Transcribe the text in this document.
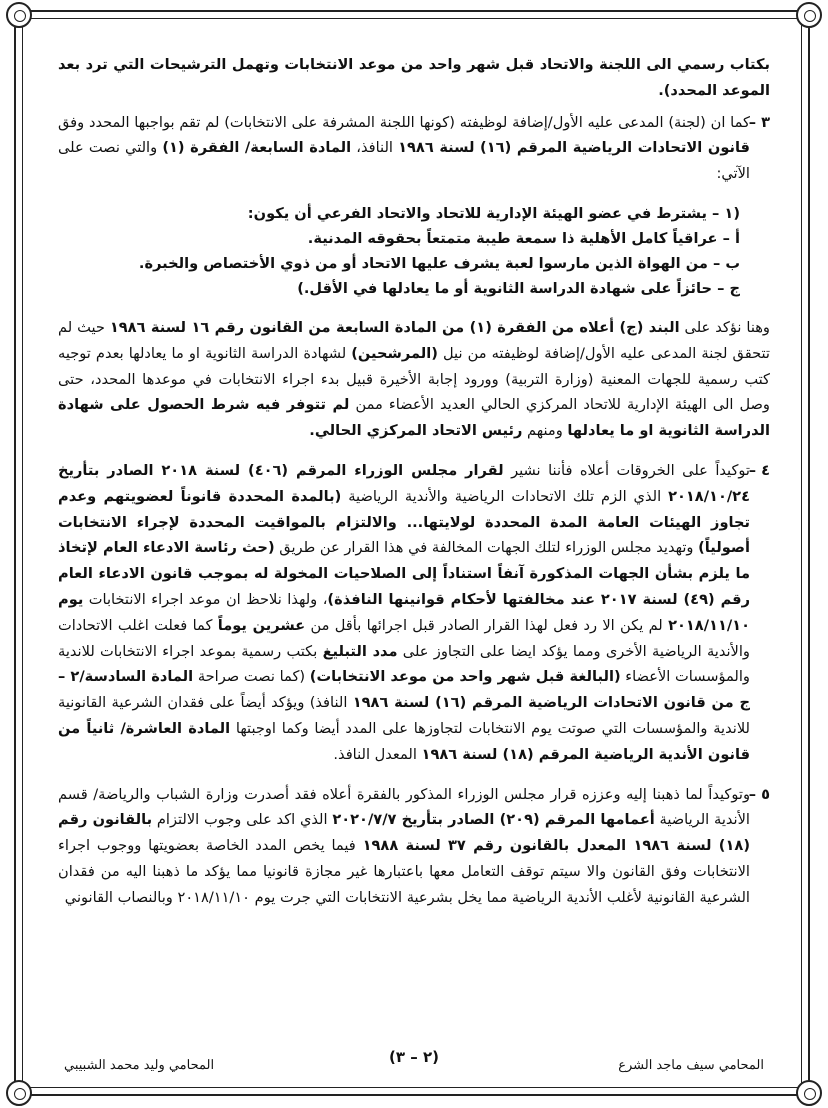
بكتاب رسمي الى اللجنة والاتحاد قبل شهر واحد من موعد الانتخابات وتهمل الترشيحات التي ترد بعد الموعد المحدد).

٣ –

كما ان (لجنة) المدعى عليه الأول/إضافة لوظيفته (كونها اللجنة المشرفة على الانتخابات) لم تقم بواجبها المحدد وفق قانون الاتحادات الرياضية المرقم (١٦) لسنة ١٩٨٦ النافذ، المادة السابعة/ الفقرة (١) والتي نصت على الآتي:

(١ – يشترط في عضو الهيئة الإدارية للاتحاد والاتحاد الفرعي أن يكون:

أ – عراقياً كامل الأهلية ذا سمعة طيبة متمتعاً بحقوقه المدنية.

ب – من الهواة الذين مارسوا لعبة يشرف عليها الاتحاد أو من ذوي الأختصاص والخبرة.

ج – حائزاً على شهادة الدراسة الثانوية أو ما يعادلها في الأقل.)

وهنا نؤكد على البند (ج) أعلاه من الفقرة (١) من المادة السابعة من القانون رقم ١٦ لسنة ١٩٨٦ حيث لم تتحقق لجنة المدعى عليه الأول/إضافة لوظيفته من نيل (المرشحين) لشهادة الدراسة الثانوية او ما يعادلها بعدم توجيه كتب رسمية للجهات المعنية (وزارة التربية) وورود إجابة الأخيرة قبيل بدء اجراء الانتخابات في موعدها المحدد، حتى وصل الى الهيئة الإدارية للاتحاد المركزي الحالي العديد الأعضاء ممن لم تتوفر فيه شرط الحصول على شهادة الدراسة الثانوية او ما يعادلها ومنهم رئيس الاتحاد المركزي الحالي.

٤ –

توكيداً على الخروقات أعلاه فأننا نشير لقرار مجلس الوزراء المرقم (٤٠٦) لسنة ٢٠١٨ الصادر بتأريخ ٢٠١٨/١٠/٢٤ الذي الزم تلك الاتحادات الرياضية والأندية الرياضية (بالمدة المحددة قانوناً لعضويتهم وعدم تجاوز الهيئات العامة المدة المحددة لولايتها... والالتزام بالمواقيت المحددة لإجراء الانتخابات أصولياً) وتهديد مجلس الوزراء لتلك الجهات المخالفة في هذا القرار عن طريق (حث رئاسة الادعاء العام لإتخاذ ما يلزم بشأن الجهات المذكورة آنفاً استناداً إلى الصلاحيات المخولة له بموجب قانون الادعاء العام رقم (٤٩) لسنة ٢٠١٧ عند مخالفتها لأحكام قوانينها النافذة)، ولهذا نلاحظ ان موعد اجراء الانتخابات يوم ٢٠١٨/١١/١٠ لم يكن الا رد فعل لهذا القرار الصادر قبل اجرائها بأقل من عشرين يوماً كما فعلت اغلب الاتحادات والأندية الرياضية الأخرى ومما يؤكد ايضا على التجاوز على مدد التبليغ بكتب رسمية بموعد اجراء الانتخابات للاندية والمؤسسات الأعضاء (البالغة قبل شهر واحد من موعد الانتخابات) (كما نصت صراحة المادة السادسة/٢ – ج من قانون الاتحادات الرياضية المرقم (١٦) لسنة ١٩٨٦ النافذ) ويؤكد أيضاً على فقدان الشرعية القانونية للاندية والمؤسسات التي صوتت يوم الانتخابات لتجاوزها على المدد أيضا وكما اوجبتها المادة العاشرة/ ثانياً من قانون الأندية الرياضية المرقم (١٨) لسنة ١٩٨٦ المعدل النافذ.

٥ –

وتوكيداً لما ذهبنا إليه وعززه قرار مجلس الوزراء المذكور بالفقرة أعلاه فقد أصدرت وزارة الشباب والرياضة/ قسم الأندية الرياضية أعمامها المرقم (٢٠٩) الصادر بتأريخ ٢٠٢٠/٧/٧ الذي اكد على وجوب الالتزام بالقانون رقم (١٨) لسنة ١٩٨٦ المعدل بالقانون رقم ٣٧ لسنة ١٩٨٨ فيما يخص المدد الخاصة بعضويتها ووجوب اجراء الانتخابات وفق القانون والا سيتم توقف التعامل معها باعتبارها غير مجازة قانونيا مما يؤكد ما ذهبنا اليه من فقدان الشرعية القانونية لأغلب الأندية الرياضية مما يخل بشرعية الانتخابات التي جرت يوم ٢٠١٨/١١/١٠ وبالنصاب القانوني

المحامي سيف ماجد الشرع
(٢ – ٣)
المحامي وليد محمد الشبيبي
